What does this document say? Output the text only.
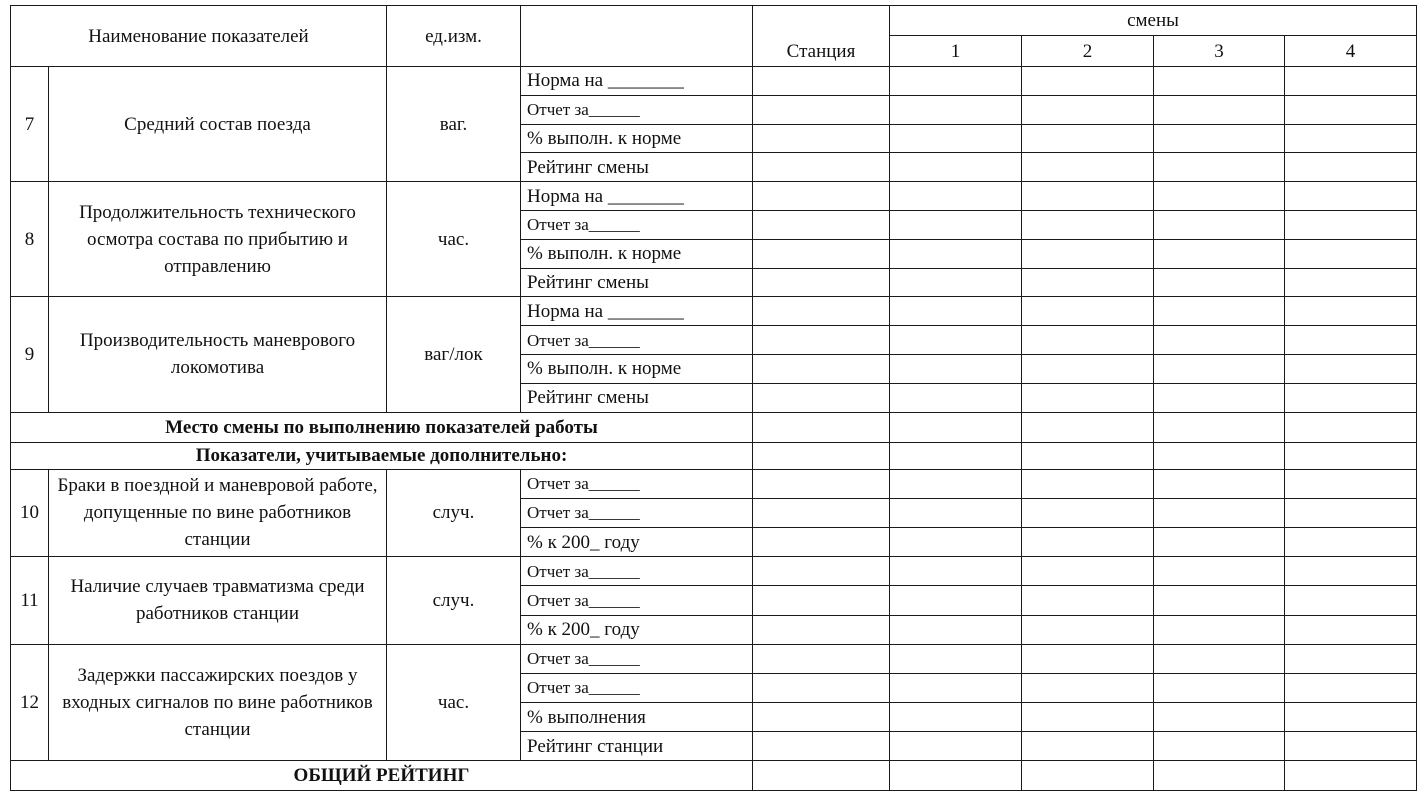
Наименование показателей		ед.изм.		Станция	смены			
					1	2	3	4
7	Средний состав поезда	ваг.	Норма на ________					
			Отчет за______					
			% выполн. к норме					
			Рейтинг смены					
8	Продолжительность технического осмотра состава по прибытию и отправлению	час.	Норма на ________					
			Отчет за______					
			% выполн. к норме					
			Рейтинг смены					
9	Производительность маневрового локомотива	ваг/лок	Норма на ________					
			Отчет за______					
			% выполн. к норме					
			Рейтинг смены					
Место смены по выполнению показателей работы								
Показатели, учитываемые дополнительно:								
10	Браки в поездной и маневровой работе, допущенные по вине работников станции	случ.	Отчет за______					
			Отчет за______					
			% к 200_ году					
11	Наличие случаев травматизма среди работников станции	случ.	Отчет за______					
			Отчет за______					
			% к 200_ году					
12	Задержки пассажирских поездов у входных сигналов по вине работников станции	час.	Отчет за______					
			Отчет за______					
			% выполнения					
			Рейтинг станции					
ОБЩИЙ РЕЙТИНГ								
